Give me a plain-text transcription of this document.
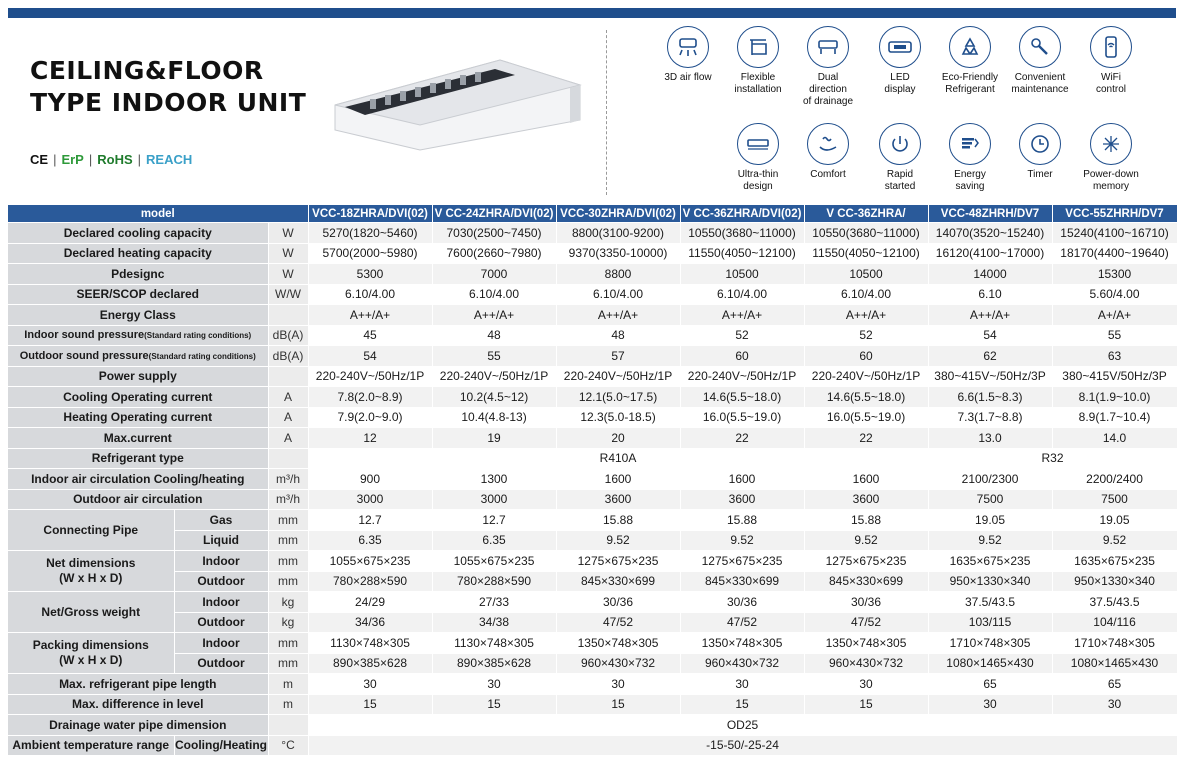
CEILING&FLOOR
TYPE INDOOR UNIT
CE | ErP | RoHS | REACH
3D air flow	Flexible
installation
Dual
direction
of drainage
LED
display
Eco-Friendly
Refrigerant
Convenient
maintenance
WiFi
control
Ultra-thin
design
Comfort	Rapid
started
Energy
saving
Timer	Power-down
memory
model			VCC-18ZHRA/DVI(02)	V CC-24ZHRA/DVI(02)	VCC-30ZHRA/DVI(02)	V CC-36ZHRA/DVI(02)	V CC-36ZHRA/	VCC-48ZHRH/DV7	VCC-55ZHRH/DV7
Declared cooling capacity		W	5270(1820~5460)	7030(2500~7450)	8800(3100-9200)	10550(3680~11000)	10550(3680~11000)	14070(3520~15240)	15240(4100~16710)
Declared heating capacity		W	5700(2000~5980)	7600(2660~7980)	9370(3350-10000)	11550(4050~12100)	11550(4050~12100)	16120(4100~17000)	18170(4400~19640)
Pdesignc		W	5300	7000	8800	10500	10500	14000	15300
SEER/SCOP declared		W/W	6.10/4.00	6.10/4.00	6.10/4.00	6.10/4.00	6.10/4.00	6.10	5.60/4.00
Energy Class			A++/A+	A++/A+	A++/A+	A++/A+	A++/A+	A++/A+	A+/A+
Indoor sound pressure(Standard rating conditions)		dB(A)	45	48	48	52	52	54	55
Outdoor sound pressure(Standard rating conditions)		dB(A)	54	55	57	60	60	62	63
Power supply			220-240V~/50Hz/1P	220-240V~/50Hz/1P	220-240V~/50Hz/1P	220-240V~/50Hz/1P	220-240V~/50Hz/1P	380~415V~/50Hz/3P	380~415V/50Hz/3P
Cooling Operating current		A	7.8(2.0~8.9)	10.2(4.5~12)	12.1(5.0~17.5)	14.6(5.5~18.0)	14.6(5.5~18.0)	6.6(1.5~8.3)	8.1(1.9~10.0)
Heating Operating current		A	7.9(2.0~9.0)	10.4(4.8-13)	12.3(5.0-18.5)	16.0(5.5~19.0)	16.0(5.5~19.0)	7.3(1.7~8.8)	8.9(1.7~10.4)
Max.current		A	12	19	20	22	22	13.0	14.0
Refrigerant type			R410A					R32	
Indoor air circulation Cooling/heating		m³/h	900	1300	1600	1600	1600	2100/2300	2200/2400
Outdoor air circulation		m³/h	3000	3000	3600	3600	3600	7500	7500
Connecting Pipe	Gas	mm	12.7	12.7	15.88	15.88	15.88	19.05	19.05
	Liquid	mm	6.35	6.35	9.52	9.52	9.52	9.52	9.52

Net dimensions
(W x H x D)	Indoor	mm	1055×675×235	1055×675×235	1275×675×235	1275×675×235	1275×675×235	1635×675×235	1635×675×235
	Outdoor	mm	780×288×590	780×288×590	845×330×699	845×330×699	845×330×699	950×1330×340	950×1330×340
Net/Gross weight	Indoor	kg	24/29	27/33	30/36	30/36	30/36	37.5/43.5	37.5/43.5
	Outdoor	kg	34/36	34/38	47/52	47/52	47/52	103/115	104/116

Packing dimensions
(W x H x D)	Indoor	mm	1130×748×305	1130×748×305	1350×748×305	1350×748×305	1350×748×305	1710×748×305	1710×748×305
	Outdoor	mm	890×385×628	890×385×628	960×430×732	960×430×732	960×430×732	1080×1465×430	1080×1465×430
Max. refrigerant pipe length		m	30	30	30	30	30	65	65
Max. difference in level		m	15	15	15	15	15	30	30
Drainage water pipe dimension			OD25						
Ambient temperature range	Cooling/Heating	°C	-15-50/-25-24						
